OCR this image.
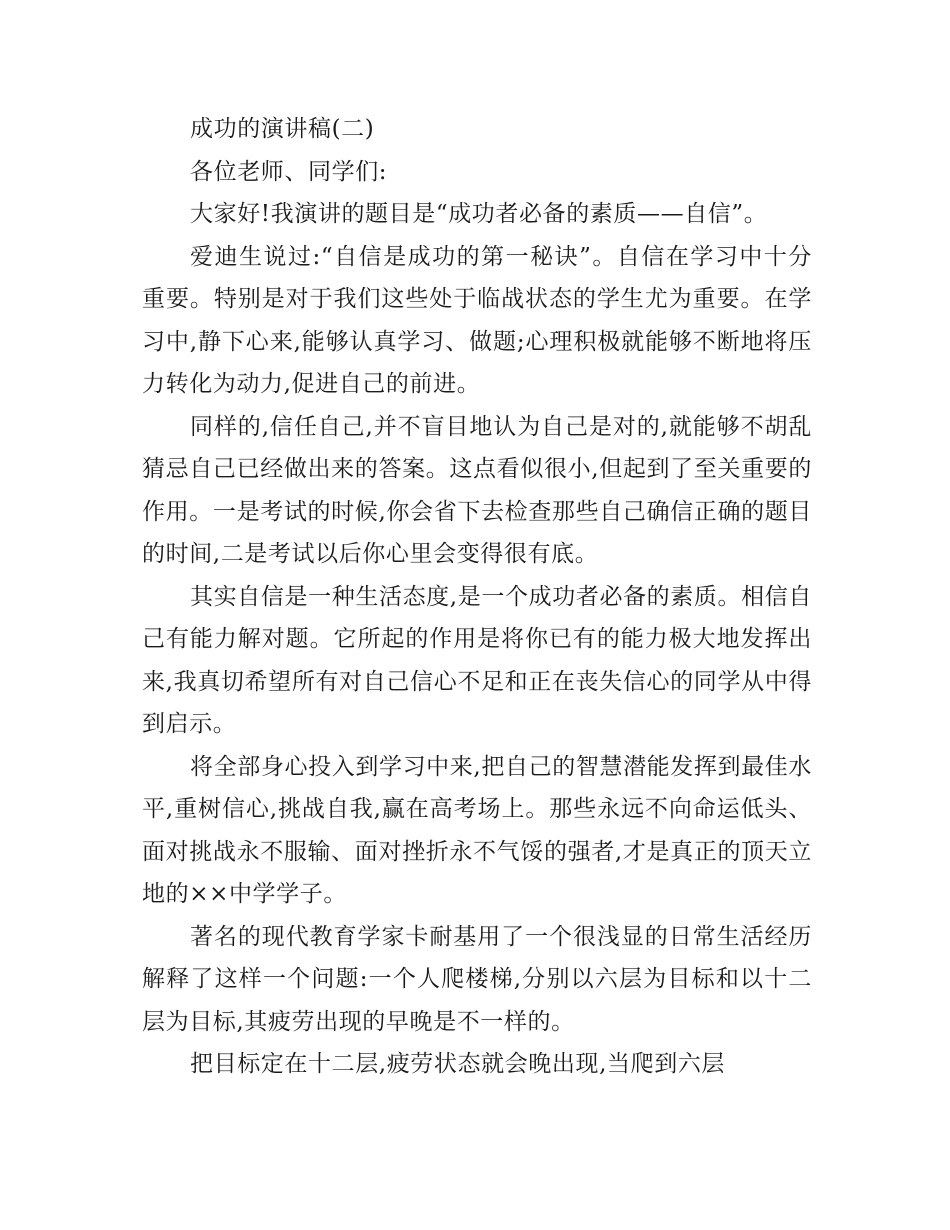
成功的演讲稿(二)

各位老师、同学们:

大家好!我演讲的题目是“成功者必备的素质——自信”。

爱迪生说过:“自信是成功的第一秘诀”。自信在学习中十分重要。特别是对于我们这些处于临战状态的学生尤为重要。在学习中,静下心来,能够认真学习、做题;心理积极就能够不断地将压力转化为动力,促进自己的前进。

同样的,信任自己,并不盲目地认为自己是对的,就能够不胡乱猜忌自己已经做出来的答案。这点看似很小,但起到了至关重要的作用。一是考试的时候,你会省下去检查那些自己确信正确的题目的时间,二是考试以后你心里会变得很有底。

其实自信是一种生活态度,是一个成功者必备的素质。相信自己有能力解对题。它所起的作用是将你已有的能力极大地发挥出来,我真切希望所有对自己信心不足和正在丧失信心的同学从中得到启示。

将全部身心投入到学习中来,把自己的智慧潜能发挥到最佳水平,重树信心,挑战自我,赢在高考场上。那些永远不向命运低头、面对挑战永不服输、面对挫折永不气馁的强者,才是真正的顶天立地的××中学学子。

著名的现代教育学家卡耐基用了一个很浅显的日常生活经历解释了这样一个问题:一个人爬楼梯,分别以六层为目标和以十二层为目标,其疲劳出现的早晚是不一样的。

把目标定在十二层,疲劳状态就会晚出现,当爬到六层
